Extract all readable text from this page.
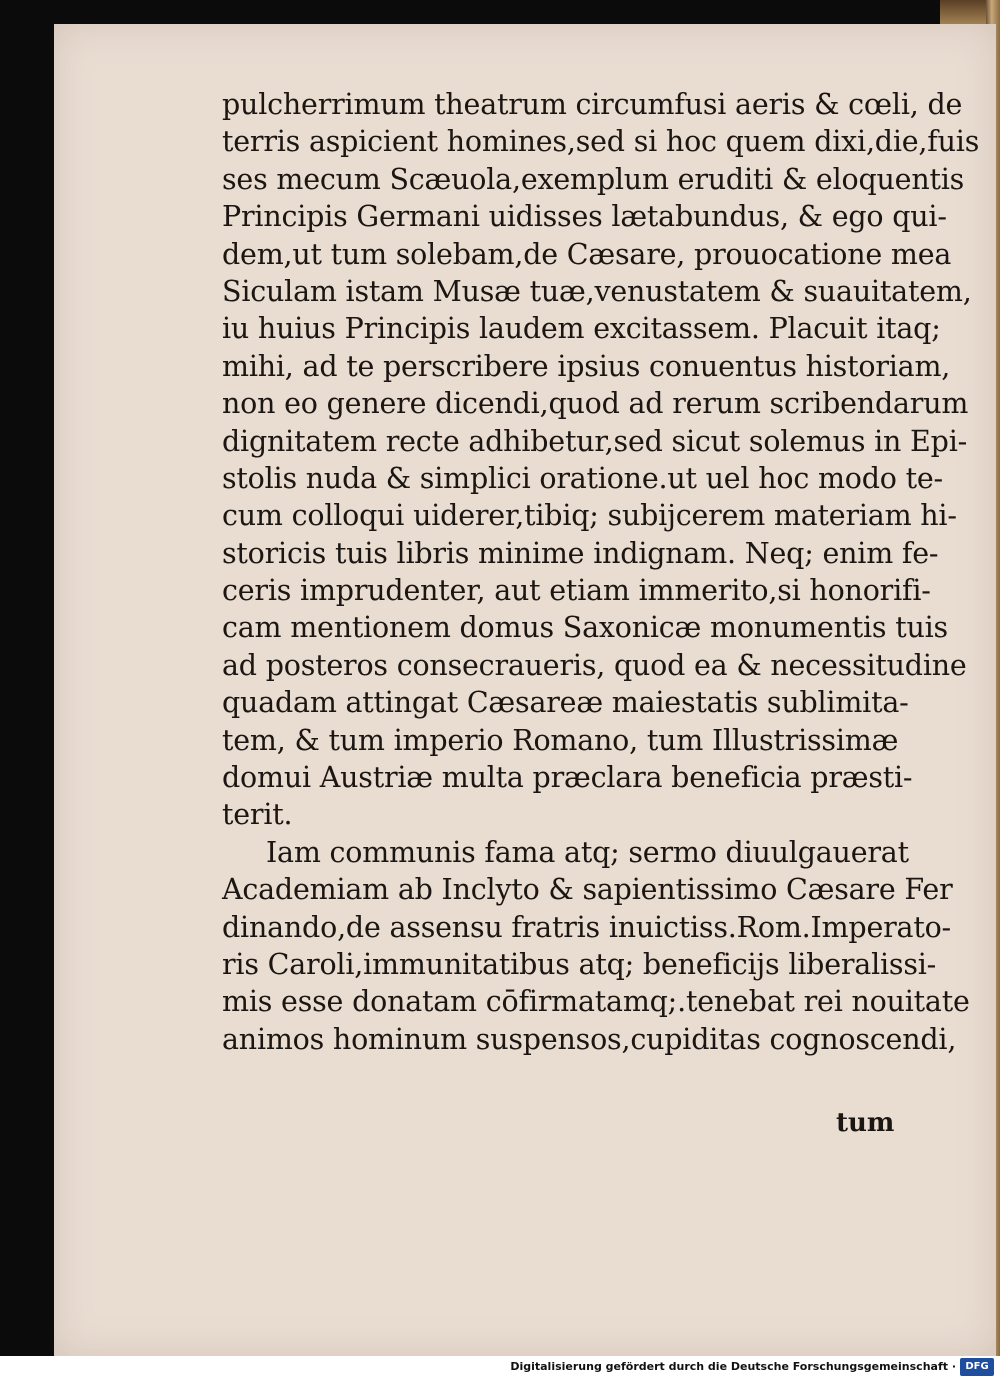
pulcherrimum theatrum circumfusi aeris & cœli, de
terris aspicient homines,sed si hoc quem dixi,die,fuis
ses mecum Scæuola,exemplum eruditi & eloquentis
Principis Germani uidisses lætabundus, & ego qui-
dem,ut tum solebam,de Cæsare, prouocatione mea
Siculam istam Musæ tuæ,venustatem & suauitatem,
iu huius Principis laudem excitassem. Placuit itaq;
mihi, ad te perscribere ipsius conuentus historiam,
non eo genere dicendi,quod ad rerum scribendarum
dignitatem recte adhibetur,sed sicut solemus in Epi-
stolis nuda & simplici oratione.ut uel hoc modo te-
cum colloqui uiderer,tibiq; subijcerem materiam hi-
storicis tuis libris minime indignam. Neq; enim fe-
ceris imprudenter, aut etiam immerito,si honorifi-
cam mentionem domus Saxonicæ monumentis tuis
ad posteros consecraueris, quod ea & necessitudine
quadam attingat Cæsareæ maiestatis sublimita-
tem, & tum imperio Romano, tum Illustrissimæ
domui Austriæ multa præclara beneficia præsti-
terit.
Iam communis fama atq; sermo diuulgauerat
Academiam ab Inclyto & sapientissimo Cæsare Fer
dinando,de assensu fratris inuictiss.Rom.Imperato-
ris Caroli,immunitatibus atq; beneficijs liberalissi-
mis esse donatam cōfirmatamq;.tenebat rei nouitate
animos hominum suspensos,cupiditas cognoscendi,
tum
Digitalisierung gefördert durch die Deutsche Forschungsgemeinschaft · DFG
